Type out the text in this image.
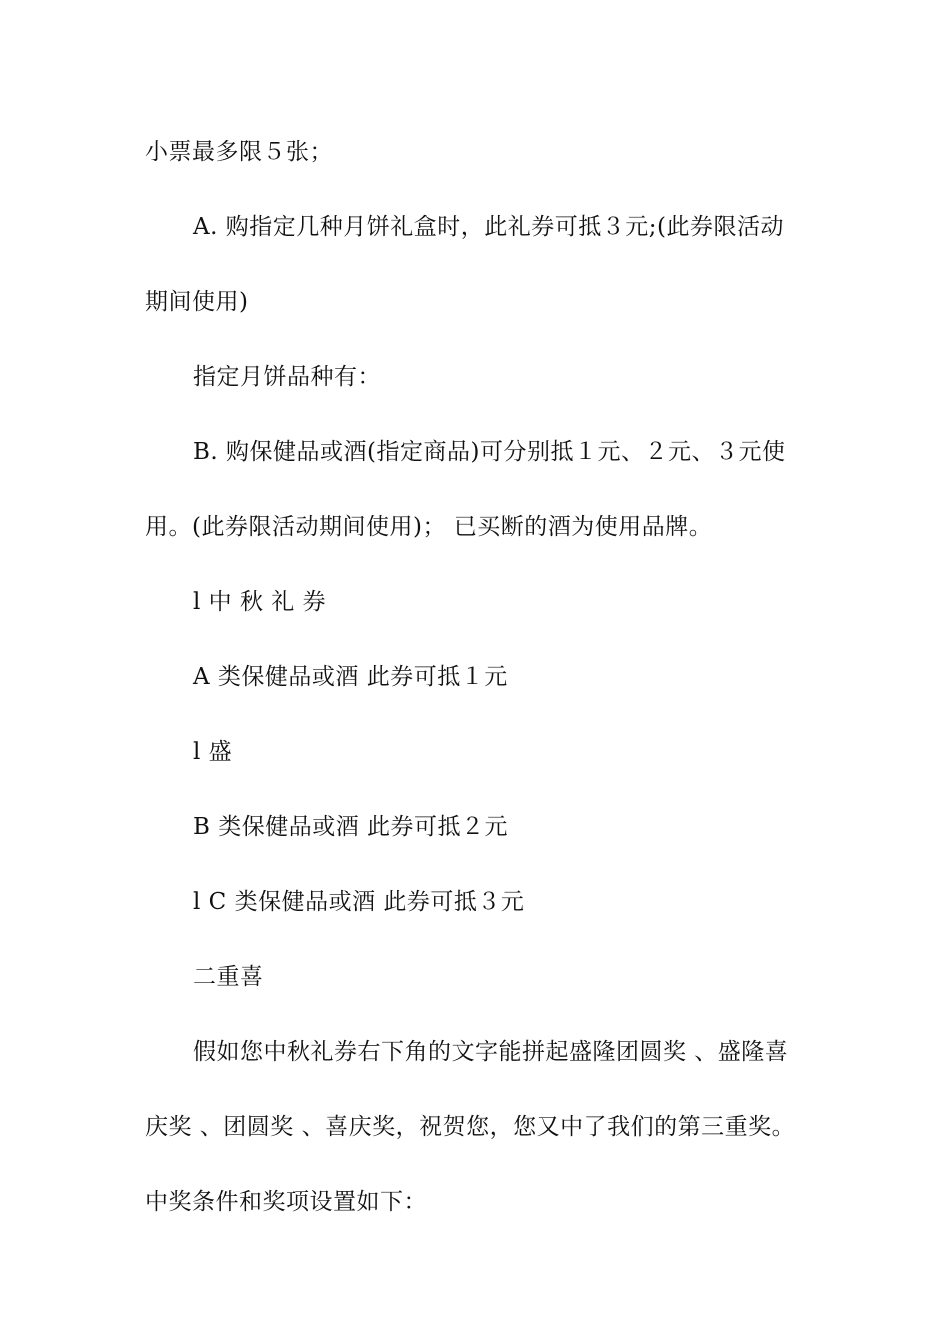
小票最多限５张；
A. 购指定几种月饼礼盒时，此礼券可抵３元;(此券限活动
期间使用)
指定月饼品种有：
B. 购保健品或酒(指定商品)可分别抵１元、２元、３元使
用。(此券限活动期间使用)； 已买断的酒为使用品牌。
l 中 秋 礼 券
A 类保健品或酒 此券可抵１元
l 盛
B 类保健品或酒 此券可抵２元
l C 类保健品或酒 此券可抵３元
二重喜
假如您中秋礼券右下角的文字能拼起盛隆团圆奖 、盛隆喜
庆奖 、团圆奖 、喜庆奖，祝贺您，您又中了我们的第三重奖。
中奖条件和奖项设置如下：
